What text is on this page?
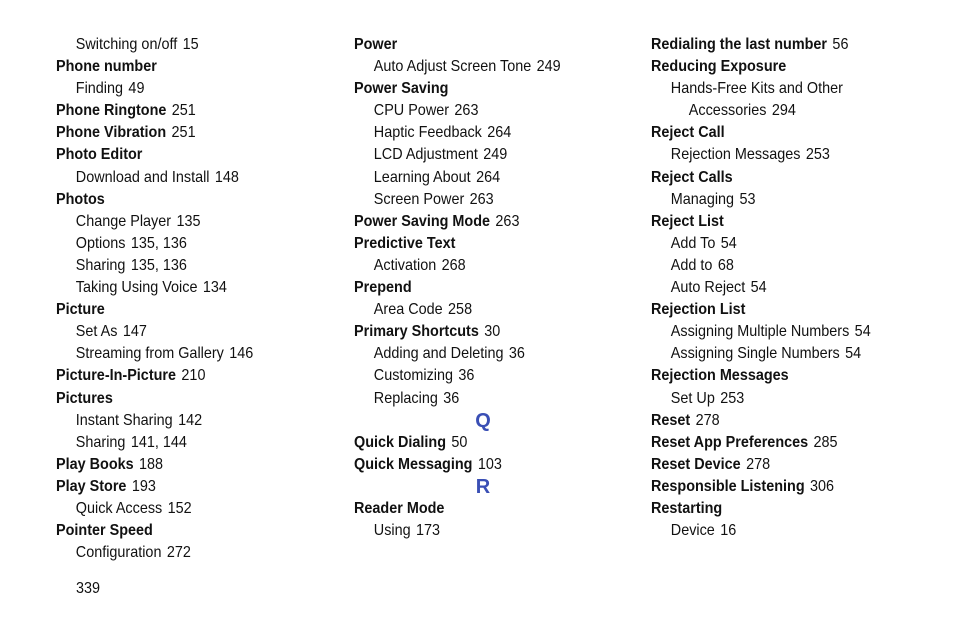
Switching on/off 15
Phone number
Finding 49
Phone Ringtone 251
Phone Vibration 251
Photo Editor
Download and Install 148
Photos
Change Player 135
Options 135, 136
Sharing 135, 136
Taking Using Voice 134
Picture
Set As 147
Streaming from Gallery 146
Picture-In-Picture 210
Pictures
Instant Sharing 142
Sharing 141, 144
Play Books 188
Play Store 193
Quick Access 152
Pointer Speed
Configuration 272
Power
Auto Adjust Screen Tone 249
Power Saving
CPU Power 263
Haptic Feedback 264
LCD Adjustment 249
Learning About 264
Screen Power 263
Power Saving Mode 263
Predictive Text
Activation 268
Prepend
Area Code 258
Primary Shortcuts 30
Adding and Deleting 36
Customizing 36
Replacing 36
Q
Quick Dialing 50
Quick Messaging 103
R
Reader Mode
Using 173
Redialing the last number 56
Reducing Exposure
Hands-Free Kits and Other
Accessories 294
Reject Call
Rejection Messages 253
Reject Calls
Managing 53
Reject List
Add To 54
Add to 68
Auto Reject 54
Rejection List
Assigning Multiple Numbers 54
Assigning Single Numbers 54
Rejection Messages
Set Up 253
Reset 278
Reset App Preferences 285
Reset Device 278
Responsible Listening 306
Restarting
Device 16
339
